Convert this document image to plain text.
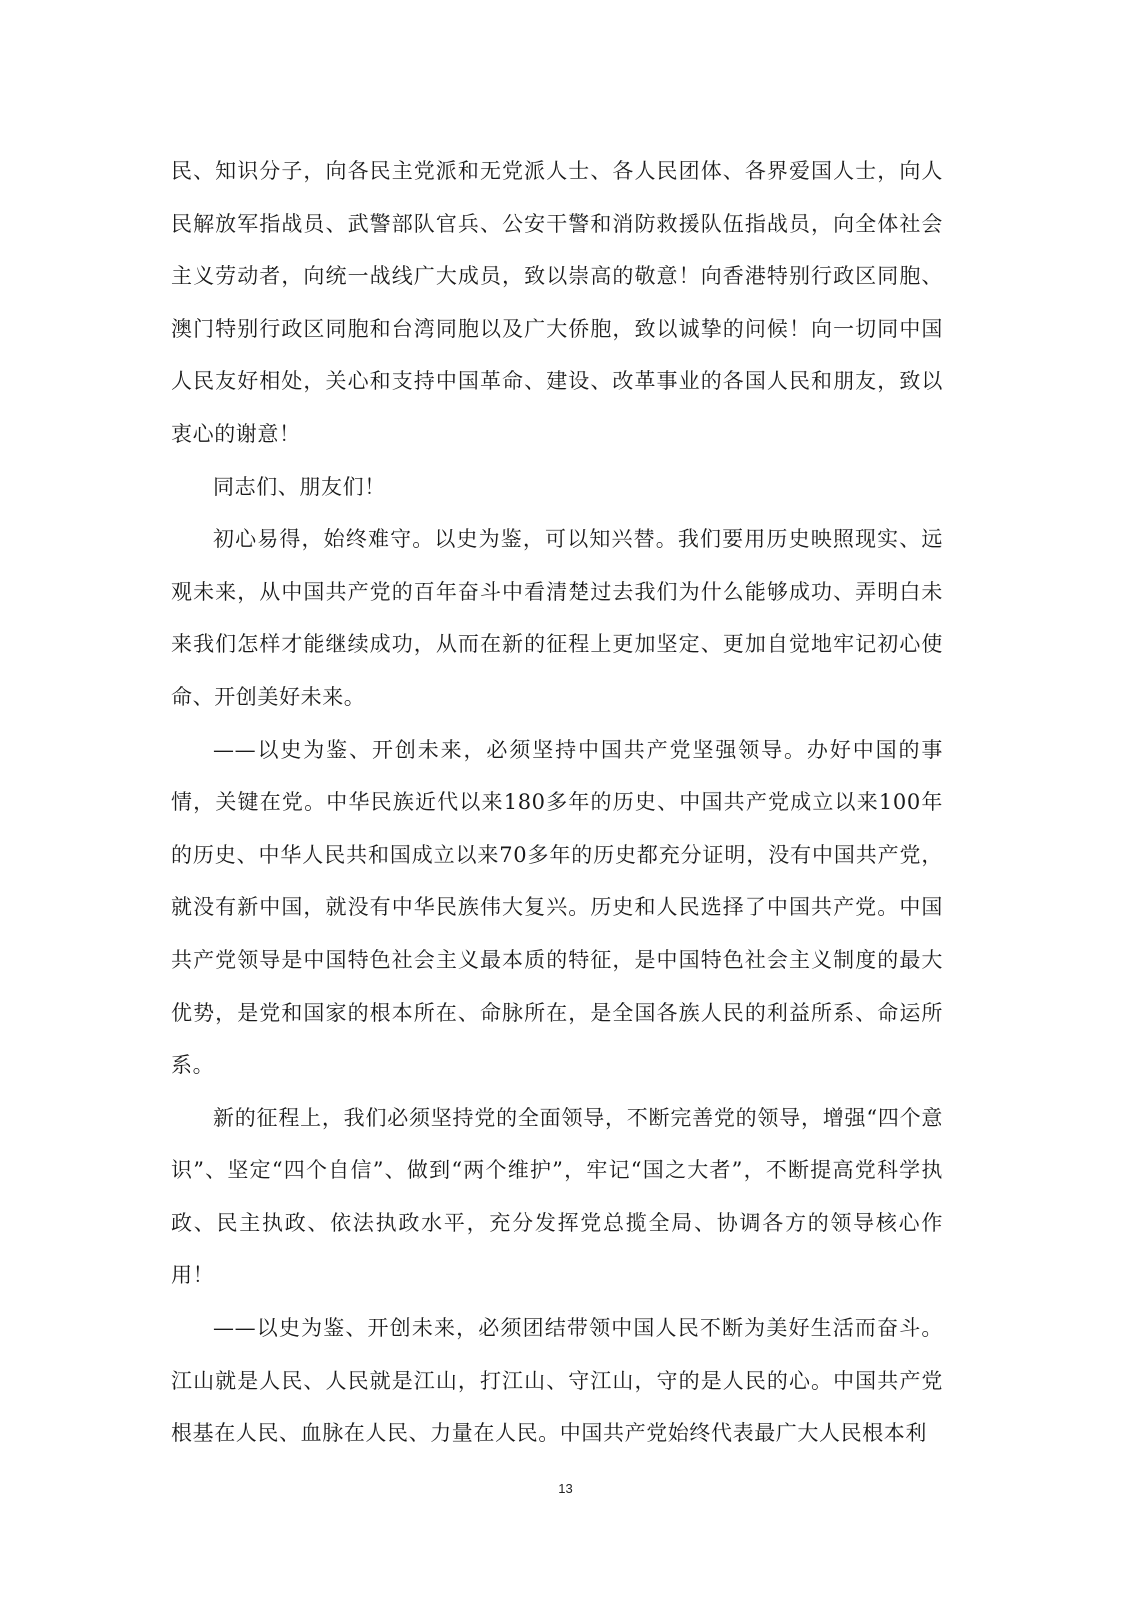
民、知识分子，向各民主党派和无党派人士、各人民团体、各界爱国人士，向人民解放军指战员、武警部队官兵、公安干警和消防救援队伍指战员，向全体社会主义劳动者，向统一战线广大成员，致以崇高的敬意！向香港特别行政区同胞、澳门特别行政区同胞和台湾同胞以及广大侨胞，致以诚挚的问候！向一切同中国人民友好相处，关心和支持中国革命、建设、改革事业的各国人民和朋友，致以衷心的谢意！

同志们、朋友们！

初心易得，始终难守。以史为鉴，可以知兴替。我们要用历史映照现实、远观未来，从中国共产党的百年奋斗中看清楚过去我们为什么能够成功、弄明白未来我们怎样才能继续成功，从而在新的征程上更加坚定、更加自觉地牢记初心使命、开创美好未来。

——以史为鉴、开创未来，必须坚持中国共产党坚强领导。办好中国的事情，关键在党。中华民族近代以来180多年的历史、中国共产党成立以来100年的历史、中华人民共和国成立以来70多年的历史都充分证明，没有中国共产党，就没有新中国，就没有中华民族伟大复兴。历史和人民选择了中国共产党。中国共产党领导是中国特色社会主义最本质的特征，是中国特色社会主义制度的最大优势，是党和国家的根本所在、命脉所在，是全国各族人民的利益所系、命运所系。

新的征程上，我们必须坚持党的全面领导，不断完善党的领导，增强“四个意识”、坚定“四个自信”、做到“两个维护”，牢记“国之大者”，不断提高党科学执政、民主执政、依法执政水平，充分发挥党总揽全局、协调各方的领导核心作用！

——以史为鉴、开创未来，必须团结带领中国人民不断为美好生活而奋斗。江山就是人民、人民就是江山，打江山、守江山，守的是人民的心。中国共产党根基在人民、血脉在人民、力量在人民。中国共产党始终代表最广大人民根本利

13
